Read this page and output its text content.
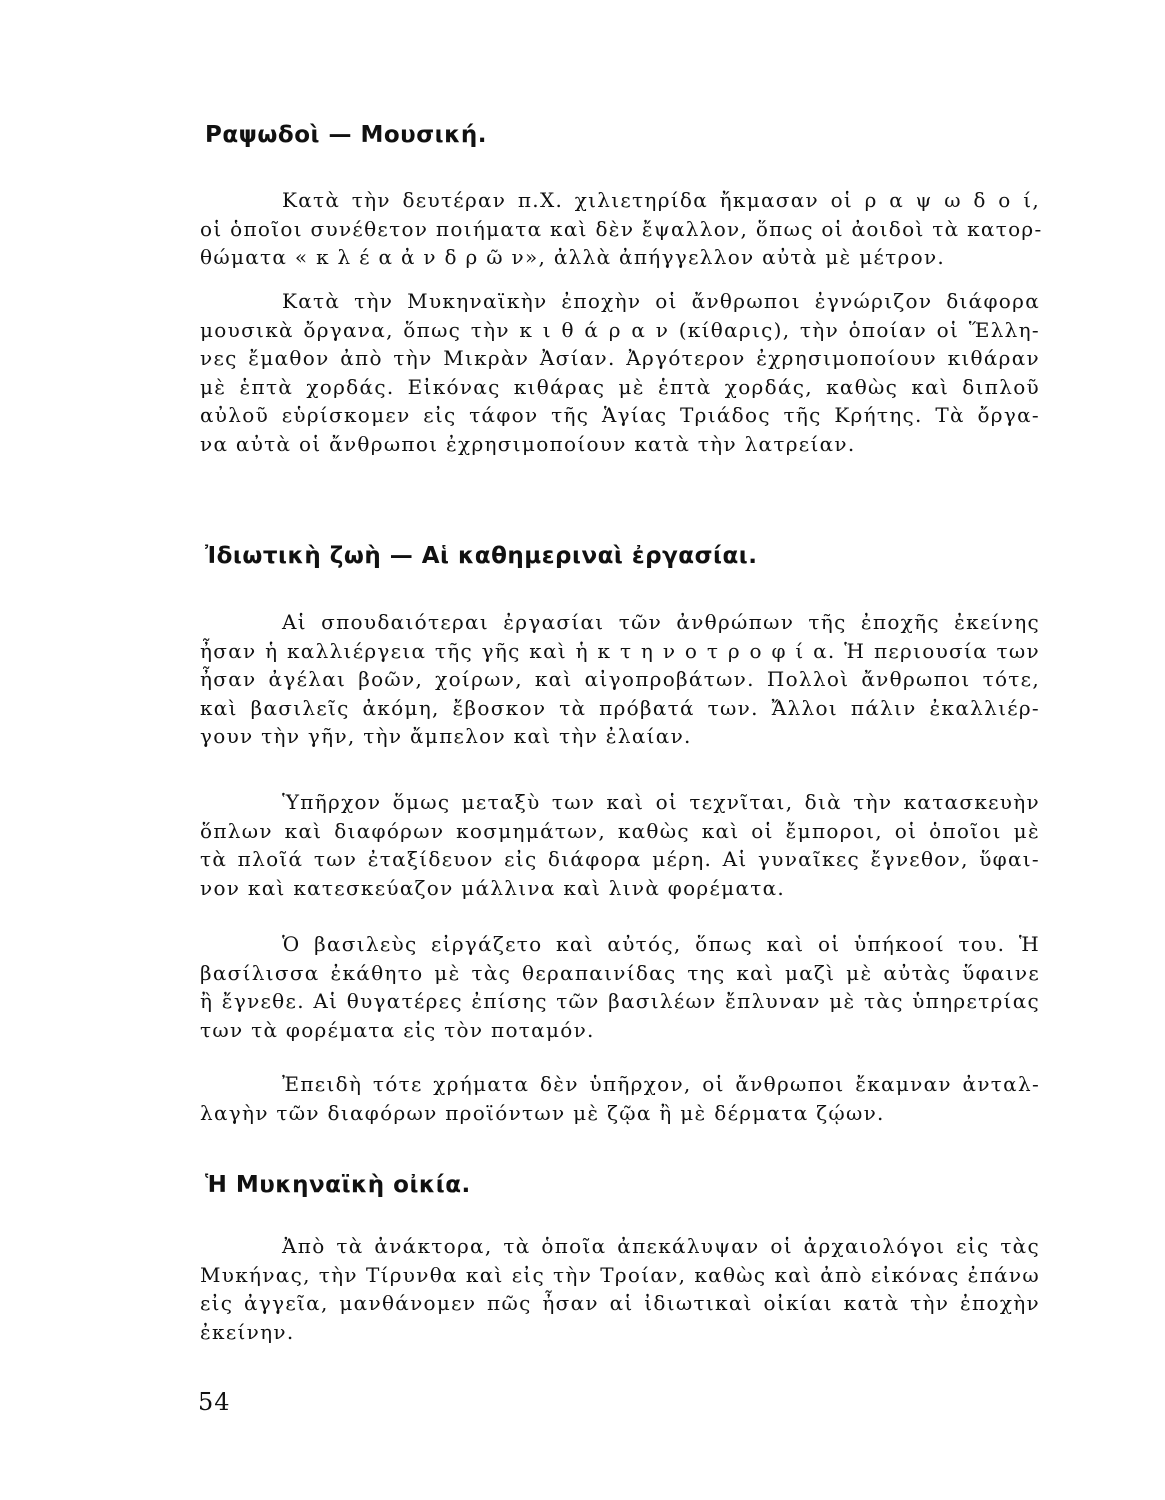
Ραψωδοὶ — Μουσική.
Κατὰ τὴν δευτέραν π.Χ. χιλιετηρίδα ἤκμασαν οἱ ρ α ψ ω δ ο ί,
οἱ ὁποῖοι συνέθετον ποιήματα καὶ δὲν ἔψαλλον, ὅπως οἱ ἀοιδοὶ τὰ κατορ-
θώματα « κ λ έ α ἀ ν δ ρ ῶ ν», ἀλλὰ ἀπήγγελλον αὐτὰ μὲ μέτρον.
Κατὰ τὴν Μυκηναϊκὴν ἐποχὴν οἱ ἄνθρωποι ἐγνώριζον διάφορα
μουσικὰ ὄργανα, ὅπως τὴν κ ι θ ά ρ α ν (κίθαρις), τὴν ὁποίαν οἱ Ἕλλη-
νες ἔμαθον ἀπὸ τὴν Μικρὰν Ἀσίαν. Ἀργότερον ἐχρησιμοποίουν κιθάραν
μὲ ἑπτὰ χορδάς. Εἰκόνας κιθάρας μὲ ἑπτὰ χορδάς, καθὼς καὶ διπλοῦ
αὐλοῦ εὑρίσκομεν εἰς τάφον τῆς Ἁγίας Τριάδος τῆς Κρήτης. Τὰ ὄργα-
να αὐτὰ οἱ ἄνθρωποι ἐχρησιμοποίουν κατὰ τὴν λατρείαν.
Ἰδιωτικὴ ζωὴ — Αἱ καθημεριναὶ ἐργασίαι.
Αἱ σπουδαιότεραι ἐργασίαι τῶν ἀνθρώπων τῆς ἐποχῆς ἐκείνης
ἦσαν ἡ καλλιέργεια τῆς γῆς καὶ ἡ κ τ η ν ο τ ρ ο φ ί α. Ἡ περιουσία των
ἦσαν ἀγέλαι βοῶν, χοίρων, καὶ αἰγοπροβάτων. Πολλοὶ ἄνθρωποι τότε,
καὶ βασιλεῖς ἀκόμη, ἔβοσκον τὰ πρόβατά των. Ἄλλοι πάλιν ἐκαλλιέρ-
γουν τὴν γῆν, τὴν ἄμπελον καὶ τὴν ἐλαίαν.
Ὑπῆρχον ὅμως μεταξὺ των καὶ οἱ τεχνῖται, διὰ τὴν κατασκευὴν
ὅπλων καὶ διαφόρων κοσμημάτων, καθὼς καὶ οἱ ἔμποροι, οἱ ὁποῖοι μὲ
τὰ πλοῖά των ἐταξίδευον εἰς διάφορα μέρη. Αἱ γυναῖκες ἔγνεθον, ὕφαι-
νον καὶ κατεσκεύαζον μάλλινα καὶ λινὰ φορέματα.
Ὁ βασιλεὺς εἰργάζετο καὶ αὐτός, ὅπως καὶ οἱ ὑπήκοοί του. Ἡ
βασίλισσα ἐκάθητο μὲ τὰς θεραπαινίδας της καὶ μαζὶ μὲ αὐτὰς ὕφαινε
ἢ ἔγνεθε. Αἱ θυγατέρες ἐπίσης τῶν βασιλέων ἔπλυναν μὲ τὰς ὑπηρετρίας
των τὰ φορέματα εἰς τὸν ποταμόν.
Ἐπειδὴ τότε χρήματα δὲν ὑπῆρχον, οἱ ἄνθρωποι ἔκαμναν ἀνταλ-
λαγὴν τῶν διαφόρων προϊόντων μὲ ζῷα ἢ μὲ δέρματα ζῴων.
Ἡ Μυκηναϊκὴ οἰκία.
Ἀπὸ τὰ ἀνάκτορα, τὰ ὁποῖα ἀπεκάλυψαν οἱ ἀρχαιολόγοι εἰς τὰς
Μυκήνας, τὴν Τίρυνθα καὶ εἰς τὴν Τροίαν, καθὼς καὶ ἀπὸ εἰκόνας ἐπάνω
εἰς ἀγγεῖα, μανθάνομεν πῶς ἦσαν αἱ ἰδιωτικαὶ οἰκίαι κατὰ τὴν ἐποχὴν
ἐκείνην.
54
